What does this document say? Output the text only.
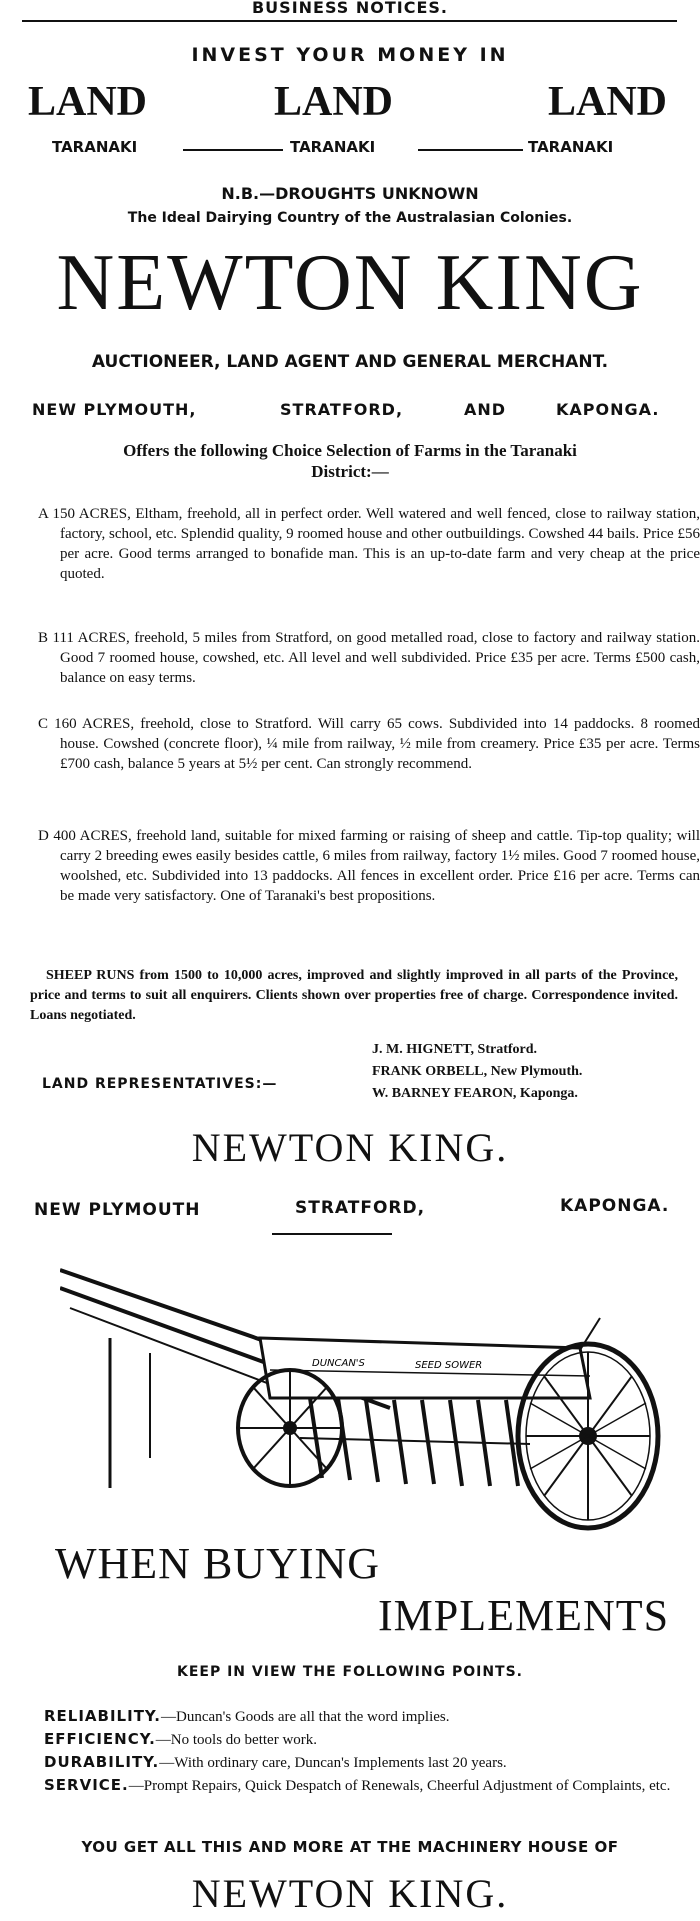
BUSINESS NOTICES.
INVEST YOUR MONEY IN
LAND	LAND	LAND
TARANAKI	TARANAKI	TARANAKI
N.B.—DROUGHTS UNKNOWN
The Ideal Dairying Country of the Australasian Colonies.
NEWTON KING
AUCTIONEER, LAND AGENT AND GENERAL MERCHANT.
NEW PLYMOUTH,	STRATFORD,	AND	KAPONGA.

Offers the following Choice Selection of Farms in the Taranaki District:—

A 150 ACRES, Eltham, freehold, all in perfect order. Well watered and well fenced, close to railway station, factory, school, etc. Splendid quality, 9 roomed house and other outbuildings. Cowshed 44 bails. Price £56 per acre. Good terms arranged to bonafide man. This is an up-to-date farm and very cheap at the price quoted.

B 111 ACRES, freehold, 5 miles from Stratford, on good metalled road, close to factory and railway station. Good 7 roomed house, cowshed, etc. All level and well subdivided. Price £35 per acre. Terms £500 cash, balance on easy terms.

C 160 ACRES, freehold, close to Stratford. Will carry 65 cows. Subdivided into 14 paddocks. 8 roomed house. Cowshed (concrete floor), ¼ mile from railway, ½ mile from creamery. Price £35 per acre. Terms £700 cash, balance 5 years at 5½ per cent. Can strongly recommend.

D 400 ACRES, freehold land, suitable for mixed farming or raising of sheep and cattle. Tip-top quality; will carry 2 breeding ewes easily besides cattle, 6 miles from railway, factory 1½ miles. Good 7 roomed house, woolshed, etc. Subdivided into 13 paddocks. All fences in excellent order. Price £16 per acre. Terms can be made very satisfactory. One of Taranaki's best propositions.

SHEEP RUNS from 1500 to 10,000 acres, improved and slightly improved in all parts of the Province, price and terms to suit all enquirers. Clients shown over properties free of charge. Correspondence invited. Loans negotiated.

LAND REPRESENTATIVES:—
J. M. HIGNETT, Stratford.
FRANK ORBELL, New Plymouth.
W. BARNEY FEARON, Kaponga.
NEWTON KING.
NEW PLYMOUTH	STRATFORD,	KAPONGA.
DUNCAN'S	SEED SOWER
WHEN BUYING
IMPLEMENTS
KEEP IN VIEW THE FOLLOWING POINTS.
RELIABILITY.—Duncan's Goods are all that the word implies.
EFFICIENCY.—No tools do better work.
DURABILITY.—With ordinary care, Duncan's Implements last 20 years.
SERVICE.—Prompt Repairs, Quick Despatch of Renewals, Cheerful Adjustment of Complaints, etc.
YOU GET ALL THIS AND MORE AT THE MACHINERY HOUSE OF
NEWTON KING.
